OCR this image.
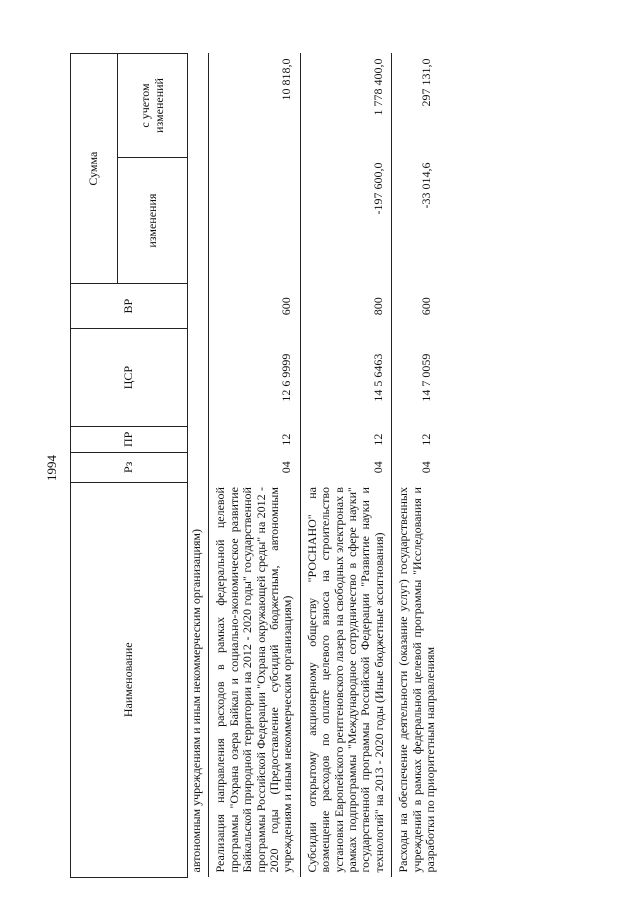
1994
Наименование	Рз	ПР	ЦСР	ВР	Сумма	
					изменения	с учетом изменений
автономным учреждениям и иным некоммерческим организациям)						
Реализация направления расходов в рамках федеральной целевой программы "Охрана озера Байкал и социально-экономическое развитие Байкальской природной территории на 2012 - 2020 годы" государственной программы Российской Федерации "Охрана окружающей среды" на 2012 - 2020 годы (Предоставление субсидий бюджетным, автономным учреждениям и иным некоммерческим организациям)	04	12	12 6 9999	600		10 818,0
Субсидии открытому акционерному обществу "РОСНАНО" на возмещение расходов по оплате целевого взноса на строительство установки Европейского рентгеновского лазера на свободных электронах в рамках подпрограммы "Международное сотрудничество в сфере науки" государственной программы Российской Федерации "Развитие науки и технологий" на 2013 - 2020 годы (Иные бюджетные ассигнования)	04	12	14 5 6463	800	-197 600,0	1 778 400,0
Расходы на обеспечение деятельности (оказание услуг) государственных учреждений в рамках федеральной целевой программы "Исследования и разработки по приоритетным направлениям	04	12	14 7 0059	600	-33 014,6	297 131,0
